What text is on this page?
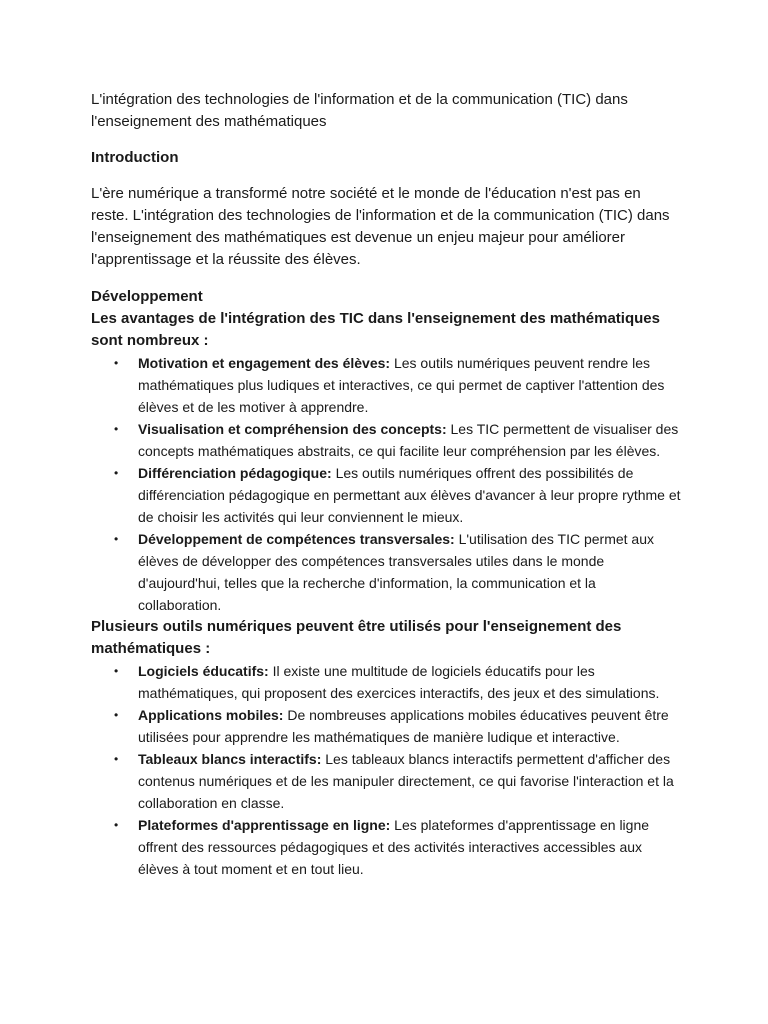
L'intégration des technologies de l'information et de la communication (TIC) dans l'enseignement des mathématiques

Introduction

L'ère numérique a transformé notre société et le monde de l'éducation n'est pas en reste. L'intégration des technologies de l'information et de la communication (TIC) dans l'enseignement des mathématiques est devenue un enjeu majeur pour améliorer l'apprentissage et la réussite des élèves.

Développement

Les avantages de l'intégration des TIC dans l'enseignement des mathématiques sont nombreux :

• Motivation et engagement des élèves: Les outils numériques peuvent rendre les mathématiques plus ludiques et interactives, ce qui permet de captiver l'attention des élèves et de les motiver à apprendre.
• Visualisation et compréhension des concepts: Les TIC permettent de visualiser des concepts mathématiques abstraits, ce qui facilite leur compréhension par les élèves.
• Différenciation pédagogique: Les outils numériques offrent des possibilités de différenciation pédagogique en permettant aux élèves d'avancer à leur propre rythme et de choisir les activités qui leur conviennent le mieux.
• Développement de compétences transversales: L'utilisation des TIC permet aux élèves de développer des compétences transversales utiles dans le monde d'aujourd'hui, telles que la recherche d'information, la communication et la collaboration.

Plusieurs outils numériques peuvent être utilisés pour l'enseignement des mathématiques :

• Logiciels éducatifs: Il existe une multitude de logiciels éducatifs pour les mathématiques, qui proposent des exercices interactifs, des jeux et des simulations.
• Applications mobiles: De nombreuses applications mobiles éducatives peuvent être utilisées pour apprendre les mathématiques de manière ludique et interactive.
• Tableaux blancs interactifs: Les tableaux blancs interactifs permettent d'afficher des contenus numériques et de les manipuler directement, ce qui favorise l'interaction et la collaboration en classe.
• Plateformes d'apprentissage en ligne: Les plateformes d'apprentissage en ligne offrent des ressources pédagogiques et des activités interactives accessibles aux élèves à tout moment et en tout lieu.
